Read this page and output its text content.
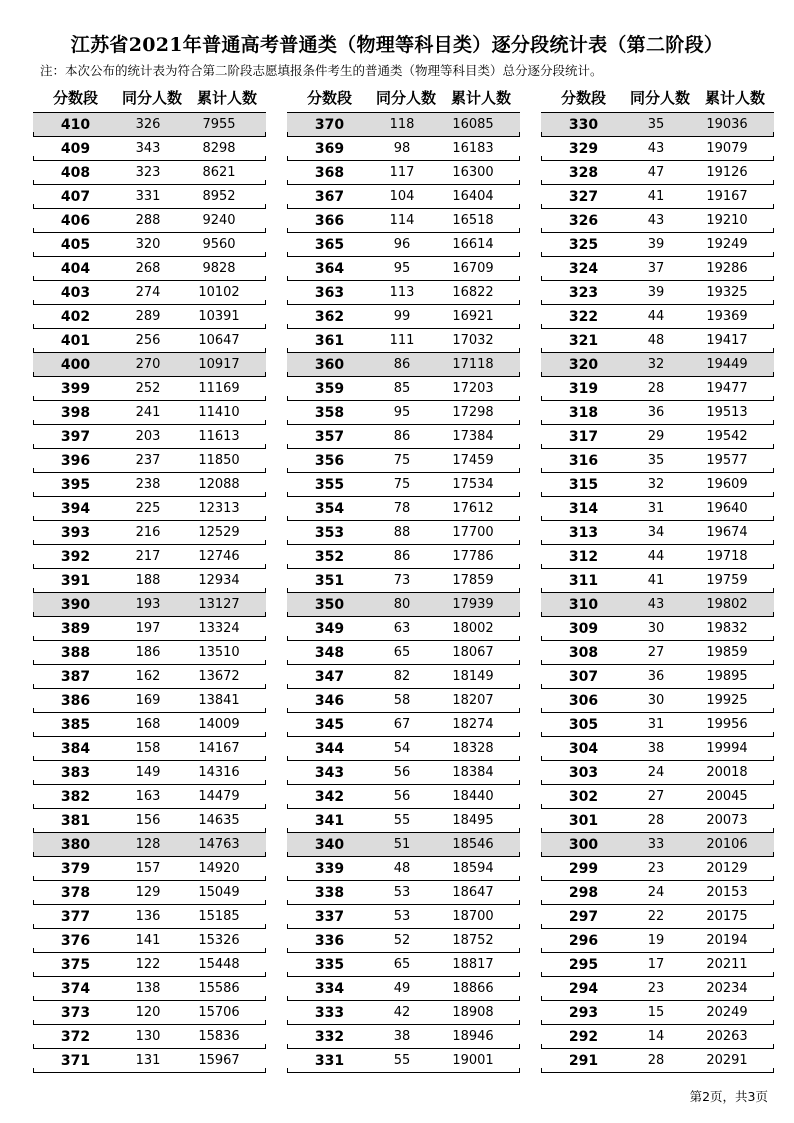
江苏省2021年普通高考普通类（物理等科目类）逐分段统计表（第二阶段）
注：本次公布的统计表为符合第二阶段志愿填报条件考生的普通类（物理等科目类）总分逐分段统计。
分数段	同分人数 累计人数
410	326	7955
409	343	8298
408	323	8621
407	331	8952
406	288	9240
405	320	9560
404	268	9828
403	274	10102
402	289	10391
401	256	10647
400	270	10917
399	252	11169
398	241	11410
397	203	11613
396	237	11850
395	238	12088
394	225	12313
393	216	12529
392	217	12746
391	188	12934
390	193	13127
389	197	13324
388	186	13510
387	162	13672
386	169	13841
385	168	14009
384	158	14167
383	149	14316
382	163	14479
381	156	14635
380	128	14763
379	157	14920
378	129	15049
377	136	15185
376	141	15326
375	122	15448
374	138	15586
373	120	15706
372	130	15836
371	131	15967
分数段	同分人数 累计人数
370	118	16085
369	98	16183
368	117	16300
367	104	16404
366	114	16518
365	96	16614
364	95	16709
363	113	16822
362	99	16921
361	111	17032
360	86	17118
359	85	17203
358	95	17298
357	86	17384
356	75	17459
355	75	17534
354	78	17612
353	88	17700
352	86	17786
351	73	17859
350	80	17939
349	63	18002
348	65	18067
347	82	18149
346	58	18207
345	67	18274
344	54	18328
343	56	18384
342	56	18440
341	55	18495
340	51	18546
339	48	18594
338	53	18647
337	53	18700
336	52	18752
335	65	18817
334	49	18866
333	42	18908
332	38	18946
331	55	19001
分数段	同分人数 累计人数
330	35	19036
329	43	19079
328	47	19126
327	41	19167
326	43	19210
325	39	19249
324	37	19286
323	39	19325
322	44	19369
321	48	19417
320	32	19449
319	28	19477
318	36	19513
317	29	19542
316	35	19577
315	32	19609
314	31	19640
313	34	19674
312	44	19718
311	41	19759
310	43	19802
309	30	19832
308	27	19859
307	36	19895
306	30	19925
305	31	19956
304	38	19994
303	24	20018
302	27	20045
301	28	20073
300	33	20106
299	23	20129
298	24	20153
297	22	20175
296	19	20194
295	17	20211
294	23	20234
293	15	20249
292	14	20263
291	28	20291
第2页，共3页
